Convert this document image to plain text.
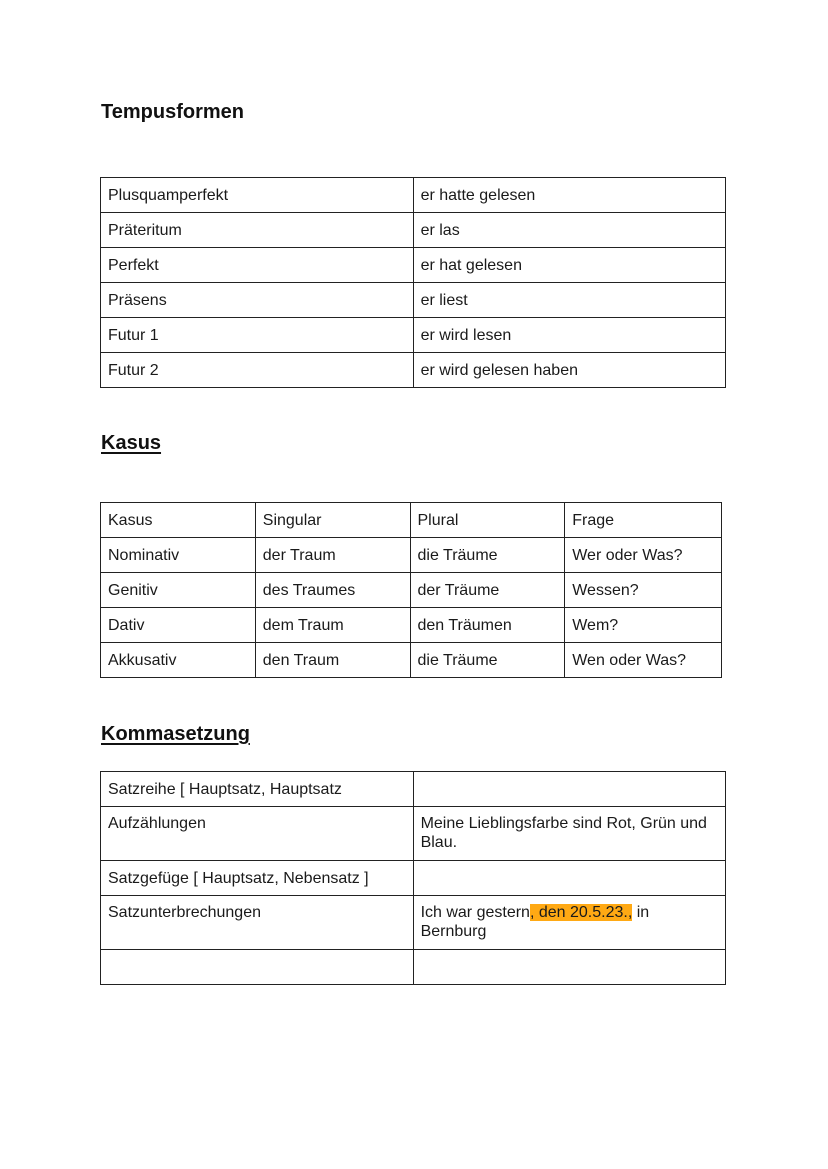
Tempusformen
Plusquamperfekt	er hatte gelesen
Präteritum	er las
Perfekt	er hat gelesen
Präsens	er liest
Futur 1	er wird lesen
Futur 2	er wird gelesen haben
Kasus
Kasus	Singular	Plural	Frage
Nominativ	der Traum	die Träume	Wer oder Was?
Genitiv	des Traumes	der Träume	Wessen?
Dativ	dem Traum	den Träumen	Wem?
Akkusativ	den Traum	die Träume	Wen oder Was?
Kommasetzung
Satzreihe [ Hauptsatz, Hauptsatz	
Aufzählungen	Meine Lieblingsfarbe sind Rot, Grün und Blau.
Satzgefüge [ Hauptsatz, Nebensatz ]	
Satzunterbrechungen	Ich war gestern, den 20.5.23., in Bernburg
